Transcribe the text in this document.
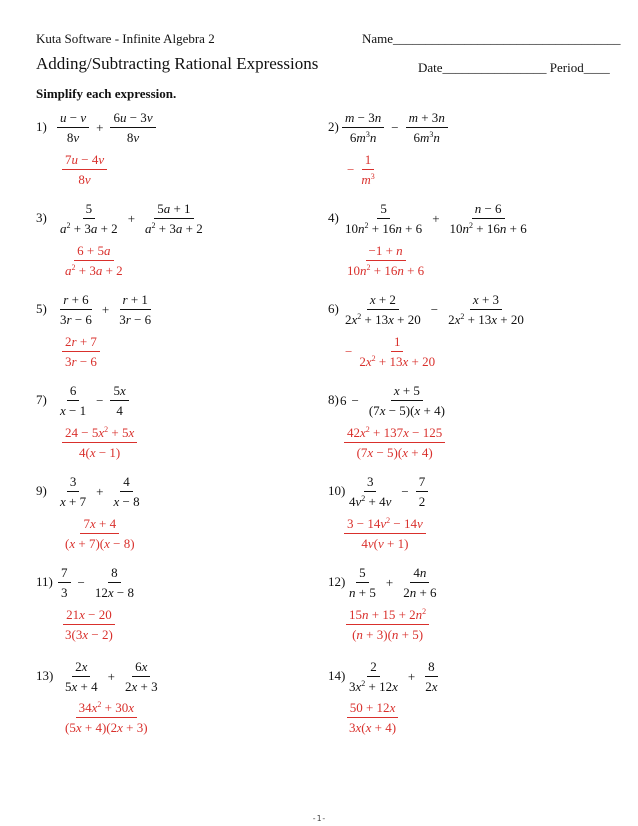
Kuta Software - Infinite Algebra 2	Name___________________________________
Adding/Subtracting Rational Expressions	Date________________ Period____
Simplify each expression.
$1) \frac{u - v}{8v} + \frac{6u - 3v}{8v}$
$\frac{7u - 4v}{8v}$
$2) \frac{m - 3n}{6m^3n} - \frac{m + 3n}{6m^3n}$
− $\frac{1}{m^3}$
$3) \frac{5}{a^2 + 3a + 2} + \frac{5a + 1}{a^2 + 3a + 2}$
$\frac{6 + 5a}{a^2 + 3a + 2}$
$4) \frac{5}{10n^2 + 16n + 6} + \frac{n - 6}{10n^2 + 16n + 6}$
$\frac{-1 + n}{10n^2 + 16n + 6}$
$5) \frac{r + 6}{3r - 6} + \frac{r + 1}{3r - 6}$
$\frac{2r + 7}{3r - 6}$
$6) \frac{x + 2}{2x^2 + 13x + 20} - \frac{x + 3}{2x^2 + 13x + 20}$
− $\frac{1}{2x^2 + 13x + 20}$
$7) \frac{6}{x - 1} - \frac{5x}{4}$
$\frac{24 - 5x^2 + 5x}{4(x - 1)}$
8) $6 - \frac{x + 5}{(7x - 5)(x + 4)}$
$\frac{42x^2 + 137x - 125}{(7x - 5)(x + 4)}$
$9) \frac{3}{x + 7} + \frac{4}{x - 8}$
$\frac{7x + 4}{(x + 7)(x - 8)}$
$10) \frac{3}{4v^2 + 4v} - \frac{7}{2}$
$\frac{3 - 14v^2 - 14v}{4v(v + 1)}$
$11) \frac{7}{3} - \frac{8}{12x - 8}$
$\frac{21x - 20}{3(3x - 2)}$
$12) \frac{5}{n + 5} + \frac{4n}{2n + 6}$
$\frac{15n + 15 + 2n^2}{(n + 3)(n + 5)}$
$13) \frac{2x}{5x + 4} + \frac{6x}{2x + 3}$
$\frac{34x^2 + 30x}{(5x + 4)(2x + 3)}$
$14) \frac{2}{3x^2 + 12x} + \frac{8}{2x}$
$\frac{50 + 12x}{3x(x + 4)}$
-1-
